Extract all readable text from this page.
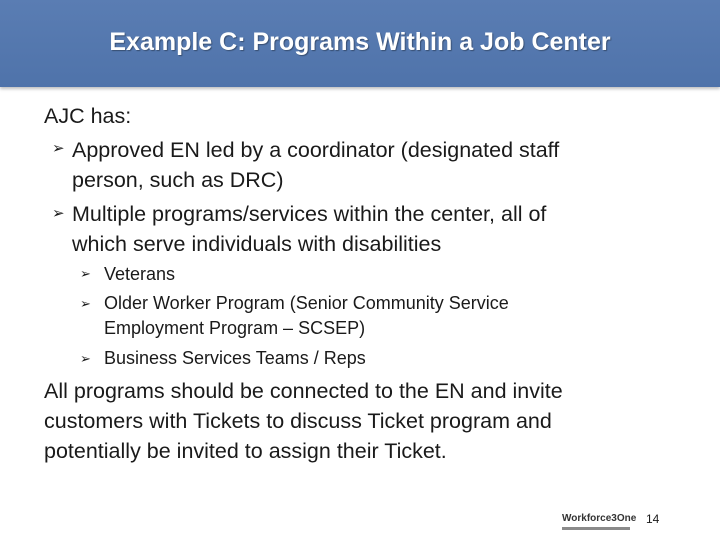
Example C: Programs Within a Job Center
AJC has:
➢ Approved EN led by a coordinator (designated staff
person, such as DRC)
➢ Multiple programs/services within the center, all of
which serve individuals with disabilities
➢ Veterans
➢ Older Worker Program (Senior Community Service
Employment Program – SCSEP)
➢ Business Services Teams / Reps
All programs should be connected to the EN and invite
customers with Tickets to discuss Ticket program and
potentially be invited to assign their Ticket.
Workforce3One 14
